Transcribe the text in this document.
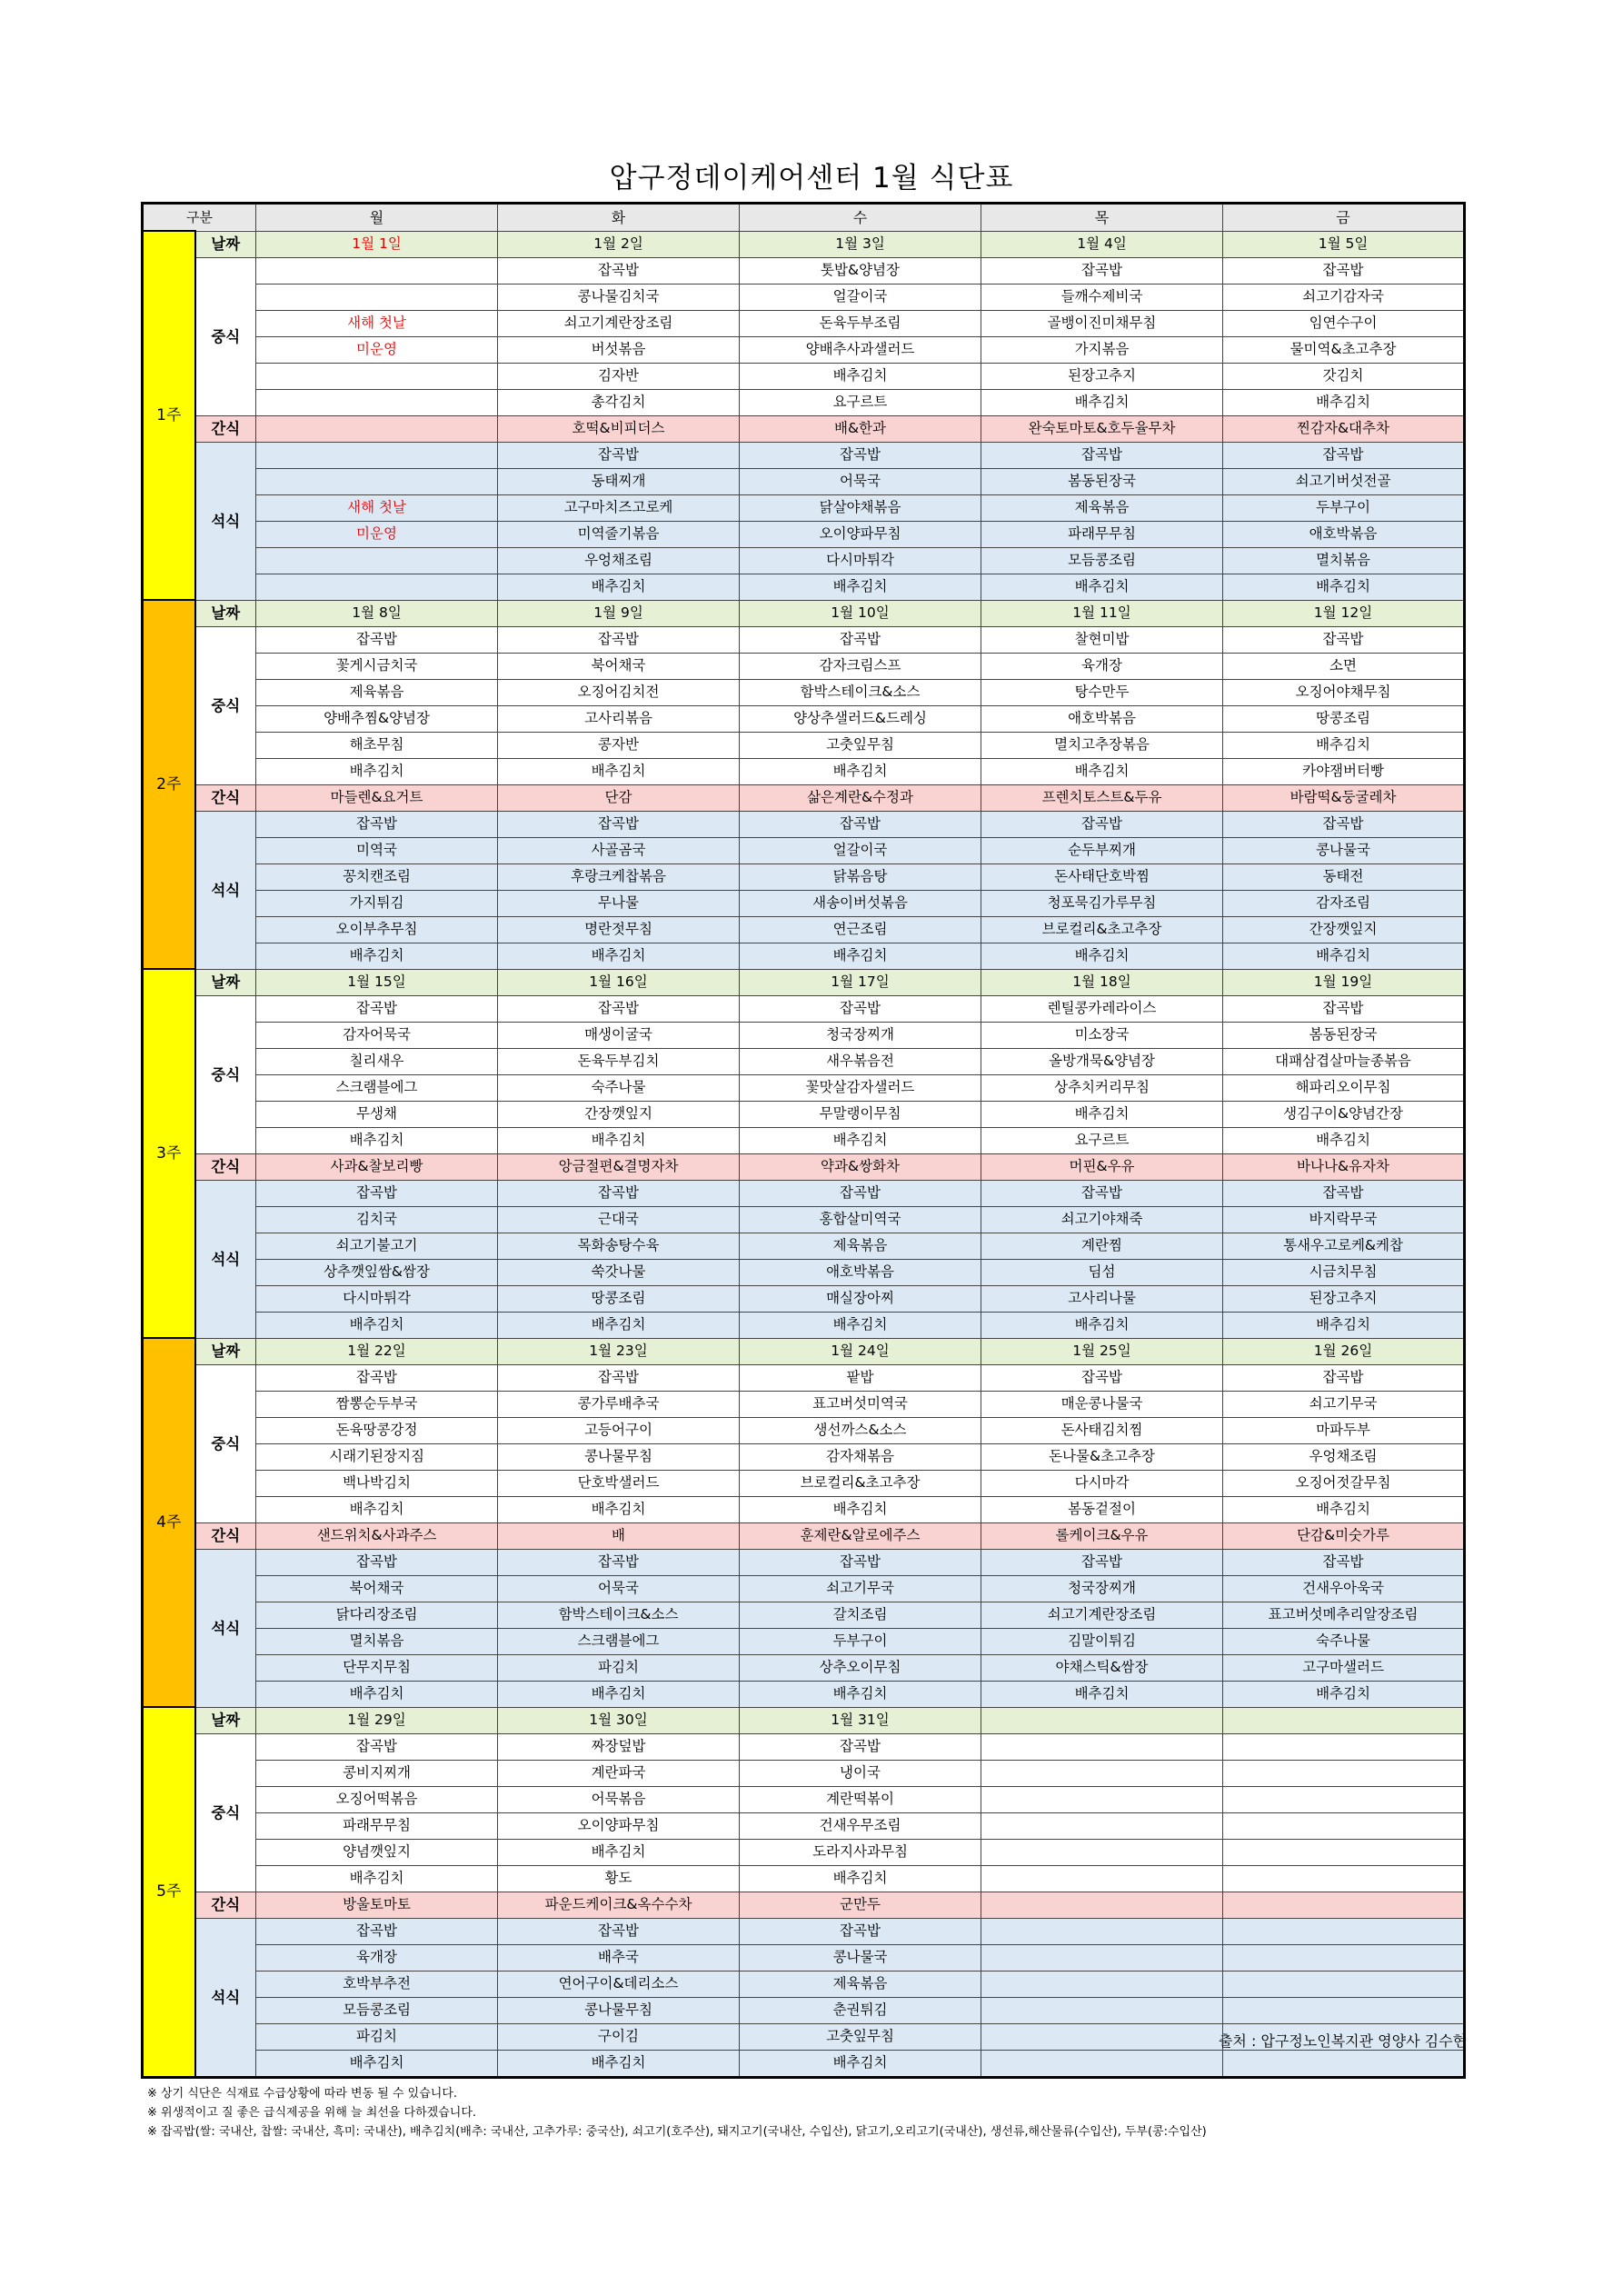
압구정데이케어센터 1월 식단표
구분		월	화	수	목	금
1주	날짜	1월 1일	1월 2일	1월 3일	1월 4일	1월 5일
	중식		잡곡밥	톳밥&양념장	잡곡밥	잡곡밥
			콩나물김치국	얼갈이국	들깨수제비국	쇠고기감자국
		새해 첫날	쇠고기계란장조림	돈육두부조림	골뱅이진미채무침	임연수구이
		미운영	버섯볶음	양배추사과샐러드	가지볶음	물미역&초고추장
			김자반	배추김치	된장고추지	갓김치
			총각김치	요구르트	배추김치	배추김치
	간식		호떡&비피더스	배&한과	완숙토마토&호두율무차	찐감자&대추차
	석식		잡곡밥	잡곡밥	잡곡밥	잡곡밥
			동태찌개	어묵국	봄동된장국	쇠고기버섯전골
		새해 첫날	고구마치즈고로케	닭살야채볶음	제육볶음	두부구이
		미운영	미역줄기볶음	오이양파무침	파래무무침	애호박볶음
			우엉채조림	다시마튀각	모듬콩조림	멸치볶음
			배추김치	배추김치	배추김치	배추김치
2주	날짜	1월 8일	1월 9일	1월 10일	1월 11일	1월 12일
	중식	잡곡밥	잡곡밥	잡곡밥	찰현미밥	잡곡밥
		꽃게시금치국	북어채국	감자크림스프	육개장	소면
		제육볶음	오징어김치전	함박스테이크&소스	탕수만두	오징어야채무침
		양배추찜&양념장	고사리볶음	양상추샐러드&드레싱	애호박볶음	땅콩조림
		해초무침	콩자반	고춧잎무침	멸치고추장볶음	배추김치
		배추김치	배추김치	배추김치	배추김치	카야잼버터빵
	간식	마들렌&요거트	단감	삶은계란&수정과	프렌치토스트&두유	바람떡&둥굴레차
	석식	잡곡밥	잡곡밥	잡곡밥	잡곡밥	잡곡밥
		미역국	사골곰국	얼갈이국	순두부찌개	콩나물국
		꽁치캔조림	후랑크케찹볶음	닭볶음탕	돈사태단호박찜	동태전
		가지튀김	무나물	새송이버섯볶음	청포묵김가루무침	감자조림
		오이부추무침	명란젓무침	연근조림	브로컬리&초고추장	간장깻잎지
		배추김치	배추김치	배추김치	배추김치	배추김치
3주	날짜	1월 15일	1월 16일	1월 17일	1월 18일	1월 19일
	중식	잡곡밥	잡곡밥	잡곡밥	렌틸콩카레라이스	잡곡밥
		감자어묵국	매생이굴국	청국장찌개	미소장국	봄동된장국
		칠리새우	돈육두부김치	새우볶음전	올방개묵&양념장	대패삼겹살마늘종볶음
		스크램블에그	숙주나물	꽃맛살감자샐러드	상추치커리무침	해파리오이무침
		무생채	간장깻잎지	무말랭이무침	배추김치	생김구이&양념간장
		배추김치	배추김치	배추김치	요구르트	배추김치
	간식	사과&찰보리빵	앙금절편&결명자차	약과&쌍화차	머핀&우유	바나나&유자차
	석식	잡곡밥	잡곡밥	잡곡밥	잡곡밥	잡곡밥
		김치국	근대국	홍합살미역국	쇠고기야채죽	바지락무국
		쇠고기불고기	목화송탕수육	제육볶음	계란찜	통새우고로케&케찹
		상추깻잎쌈&쌈장	쑥갓나물	애호박볶음	딤섬	시금치무침
		다시마튀각	땅콩조림	매실장아찌	고사리나물	된장고추지
		배추김치	배추김치	배추김치	배추김치	배추김치
4주	날짜	1월 22일	1월 23일	1월 24일	1월 25일	1월 26일
	중식	잡곡밥	잡곡밥	팥밥	잡곡밥	잡곡밥
		짬뽕순두부국	콩가루배추국	표고버섯미역국	매운콩나물국	쇠고기무국
		돈육땅콩강정	고등어구이	생선까스&소스	돈사태김치찜	마파두부
		시래기된장지짐	콩나물무침	감자채볶음	돈나물&초고추장	우엉채조림
		백나박김치	단호박샐러드	브로컬리&초고추장	다시마각	오징어젓갈무침
		배추김치	배추김치	배추김치	봄동겉절이	배추김치
	간식	샌드위치&사과주스	배	훈제란&알로에주스	롤케이크&우유	단감&미숫가루
	석식	잡곡밥	잡곡밥	잡곡밥	잡곡밥	잡곡밥
		북어채국	어묵국	쇠고기무국	청국장찌개	건새우아욱국
		닭다리장조림	함박스테이크&소스	갈치조림	쇠고기계란장조림	표고버섯메추리알장조림
		멸치볶음	스크램블에그	두부구이	김말이튀김	숙주나물
		단무지무침	파김치	상추오이무침	야채스틱&쌈장	고구마샐러드
		배추김치	배추김치	배추김치	배추김치	배추김치
5주	날짜	1월 29일	1월 30일	1월 31일		
	중식	잡곡밥	짜장덮밥	잡곡밥		
		콩비지찌개	계란파국	냉이국		
		오징어떡볶음	어묵볶음	계란떡볶이		
		파래무무침	오이양파무침	건새우무조림		
		양념깻잎지	배추김치	도라지사과무침		
		배추김치	황도	배추김치		
	간식	방울토마토	파운드케이크&옥수수차	군만두		
	석식	잡곡밥	잡곡밥	잡곡밥		
		육개장	배추국	콩나물국		
		호박부추전	연어구이&데리소스	제육볶음		
		모듬콩조림	콩나물무침	춘권튀김		
		파김치	구이김	고춧잎무침		
		배추김치	배추김치	배추김치		
출처 : 압구정노인복지관 영양사 김수현
※ 상기 식단은 식재료 수급상황에 따라 변동 될 수 있습니다.
※ 위생적이고 질 좋은 급식제공을 위해 늘 최선을 다하겠습니다.
※ 잡곡밥(쌀: 국내산, 찹쌀: 국내산, 흑미: 국내산), 배추김치(배추: 국내산, 고추가루: 중국산), 쇠고기(호주산), 돼지고기(국내산, 수입산), 닭고기,오리고기(국내산), 생선류,해산물류(수입산), 두부(콩:수입산)
